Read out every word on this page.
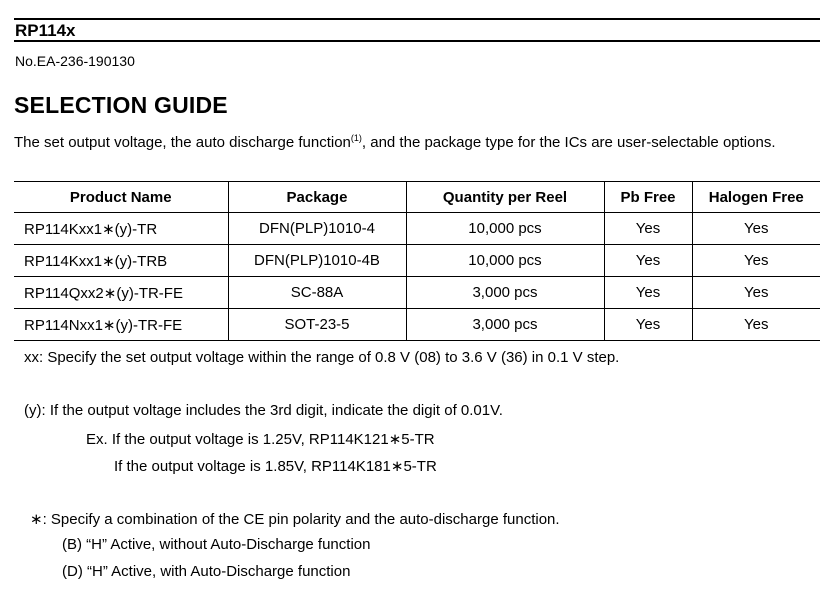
RP114x
No.EA-236-190130
SELECTION GUIDE
The set output voltage, the auto discharge function$^{(1)}$, and the package type for the ICs are user-selectable options.
Product Name	Package	Quantity per Reel	Pb Free	Halogen Free
RP114Kxx1∗(y)-TR	DFN(PLP)1010-4	10,000 pcs	Yes	Yes
RP114Kxx1∗(y)-TRB	DFN(PLP)1010-4B	10,000 pcs	Yes	Yes
RP114Qxx2∗(y)-TR-FE	SC-88A	3,000 pcs	Yes	Yes
RP114Nxx1∗(y)-TR-FE	SOT-23-5	3,000 pcs	Yes	Yes
xx: Specify the set output voltage within the range of 0.8 V (08) to 3.6 V (36) in 0.1 V step.
(y): If the output voltage includes the 3rd digit, indicate the digit of 0.01V.
Ex. If the output voltage is 1.25V, RP114K121∗5-TR
If the output voltage is 1.85V, RP114K181∗5-TR
∗: Specify a combination of the CE pin polarity and the auto-discharge function.
(B) “H” Active, without Auto-Discharge function
(D) “H” Active, with Auto-Discharge function
